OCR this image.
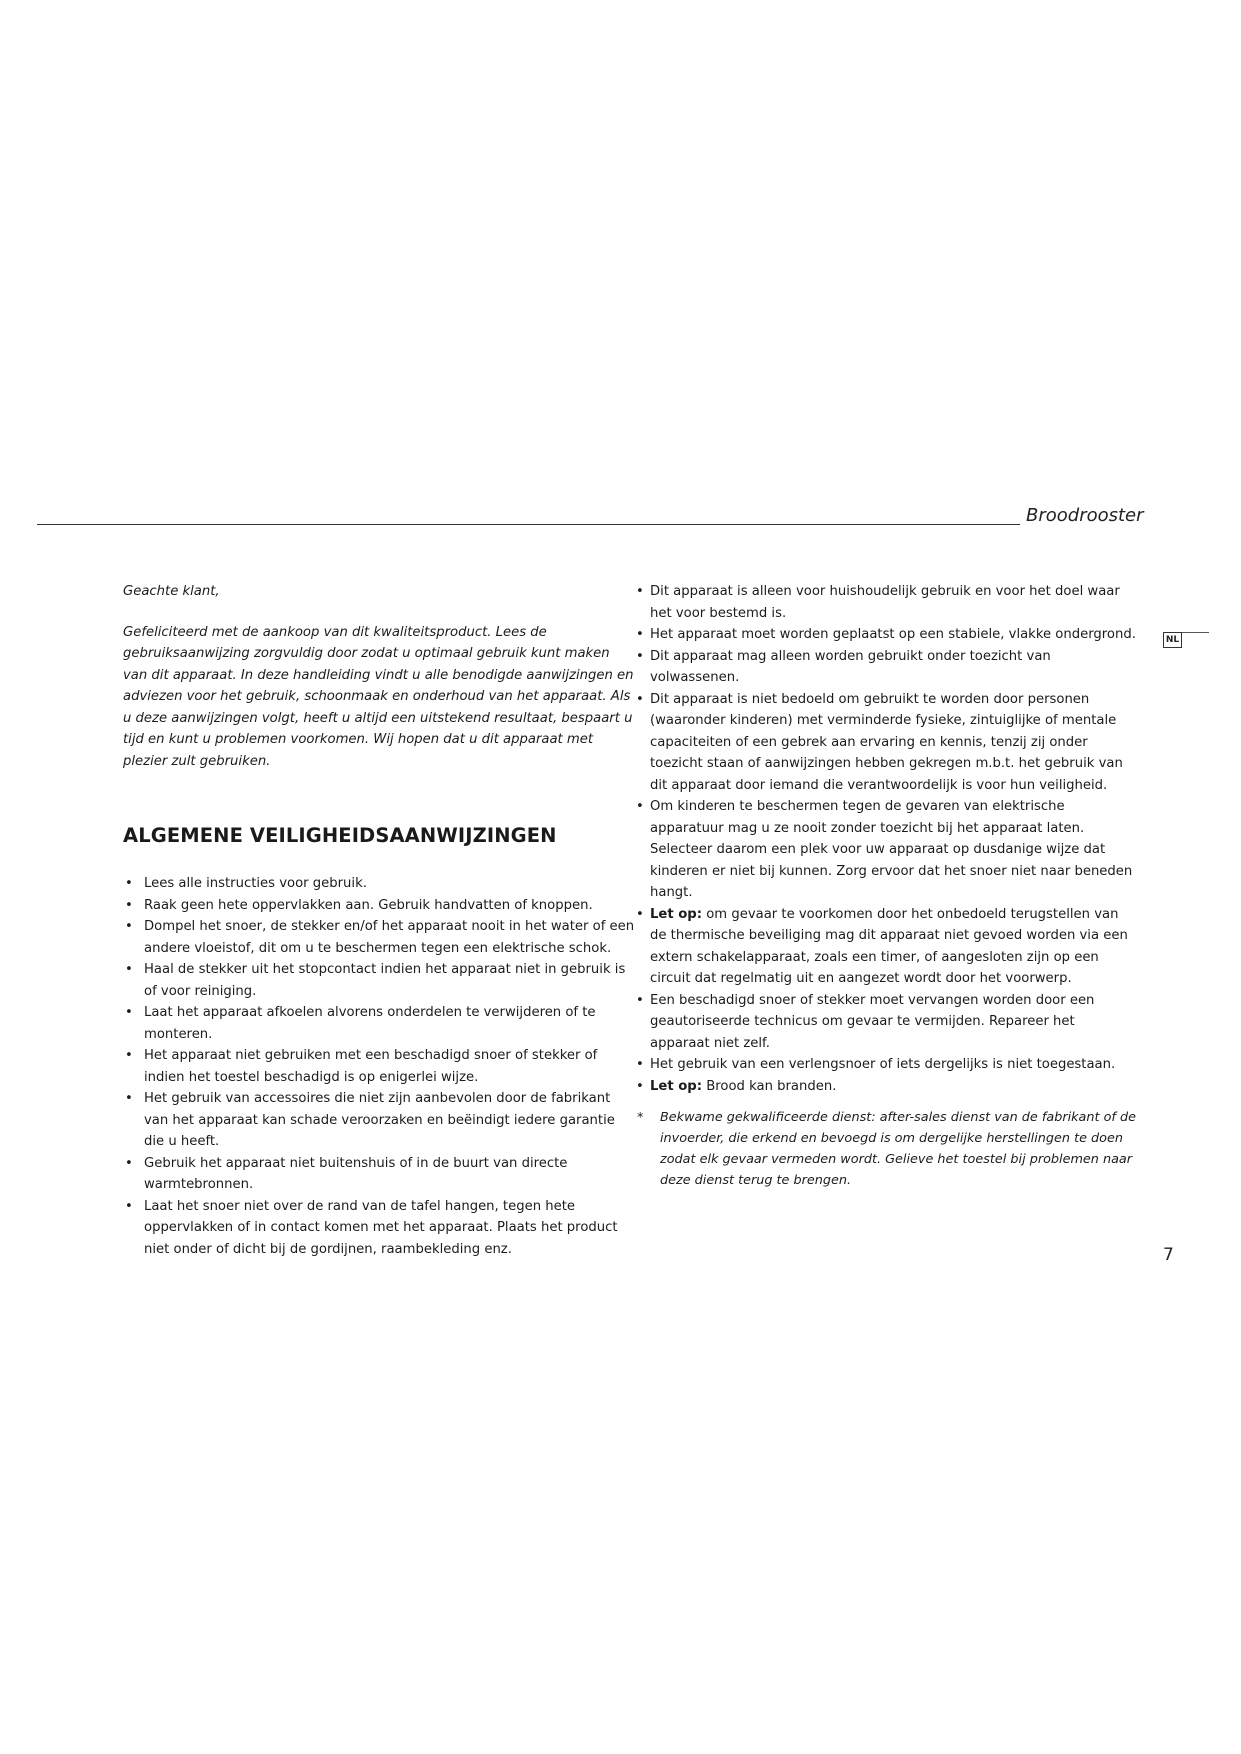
Broodrooster
NL

Geachte klant,

Gefeliciteerd met de aankoop van dit kwaliteitsproduct. Lees de gebruiksaanwijzing zorgvuldig door zodat u optimaal gebruik kunt maken van dit apparaat. In deze handleiding vindt u alle benodigde aanwijzingen en adviezen voor het gebruik, schoonmaak en onderhoud van het apparaat. Als u deze aanwijzingen volgt, heeft u altijd een uitstekend resultaat, bespaart u tijd en kunt u problemen voorkomen. Wij hopen dat u dit apparaat met plezier zult gebruiken.

ALGEMENE VEILIGHEIDSAANWIJZINGEN
• Lees alle instructies voor gebruik.
• Raak geen hete oppervlakken aan. Gebruik handvatten of knoppen.
• Dompel het snoer, de stekker en/of het apparaat nooit in het water of een andere vloeistof, dit om u te beschermen tegen een elektrische schok.
• Haal de stekker uit het stopcontact indien het apparaat niet in gebruik is of voor reiniging.
• Laat het apparaat afkoelen alvorens onderdelen te verwijderen of te monteren.
• Het apparaat niet gebruiken met een beschadigd snoer of stekker of indien het toestel beschadigd is op enigerlei wijze.
• Het gebruik van accessoires die niet zijn aanbevolen door de fabrikant van het apparaat kan schade veroorzaken en beëindigt iedere garantie die u heeft.
• Gebruik het apparaat niet buitenshuis of in de buurt van directe warmtebronnen.
• Laat het snoer niet over de rand van de tafel hangen, tegen hete oppervlakken of in contact komen met het apparaat. Plaats het product niet onder of dicht bij de gordijnen, raambekleding enz.
• Dit apparaat is alleen voor huishoudelijk gebruik en voor het doel waar het voor bestemd is.
• Het apparaat moet worden geplaatst op een stabiele, vlakke ondergrond.
• Dit apparaat mag alleen worden gebruikt onder toezicht van volwassenen.
• Dit apparaat is niet bedoeld om gebruikt te worden door personen (waaronder kinderen) met verminderde fysieke, zintuiglijke of mentale capaciteiten of een gebrek aan ervaring en kennis, tenzij zij onder toezicht staan of aanwijzingen hebben gekregen m.b.t. het gebruik van dit apparaat door iemand die verantwoordelijk is voor hun veiligheid.
• Om kinderen te beschermen tegen de gevaren van elektrische apparatuur mag u ze nooit zonder toezicht bij het apparaat laten. Selecteer daarom een plek voor uw apparaat op dusdanige wijze dat kinderen er niet bij kunnen. Zorg ervoor dat het snoer niet naar beneden hangt.
• Let op: om gevaar te voorkomen door het onbedoeld terugstellen van de thermische beveiliging mag dit apparaat niet gevoed worden via een extern schakelapparaat, zoals een timer, of aangesloten zijn op een circuit dat regelmatig uit en aangezet wordt door het voorwerp.
• Een beschadigd snoer of stekker moet vervangen worden door een geautoriseerde technicus om gevaar te vermijden. Repareer het apparaat niet zelf.
• Het gebruik van een verlengsnoer of iets dergelijks is niet toegestaan.
• Let op: Brood kan branden.
* Bekwame gekwalificeerde dienst: after-sales dienst van de fabrikant of de invoerder, die erkend en bevoegd is om dergelijke herstellingen te doen zodat elk gevaar vermeden wordt. Gelieve het toestel bij problemen naar deze dienst terug te brengen.
7
